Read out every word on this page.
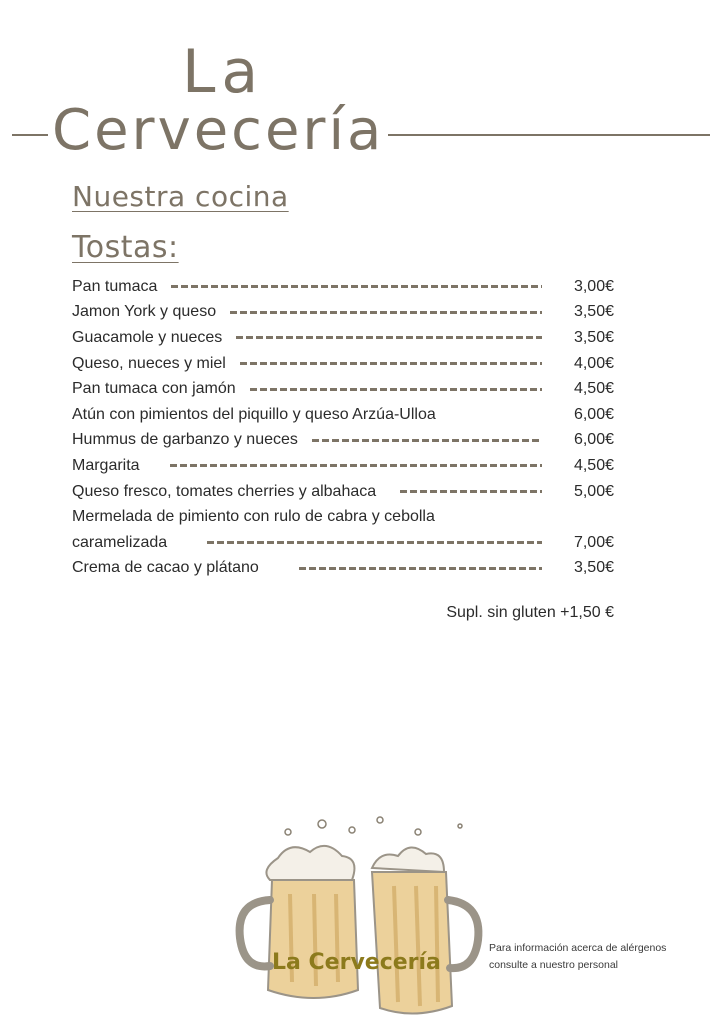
La
Cervecería
Nuestra cocina
Tostas:
Pan tumaca	3,00€
Jamon York y queso	3,50€
Guacamole y nueces	3,50€
Queso, nueces y miel	4,00€
Pan tumaca con jamón	4,50€
Atún con pimientos del piquillo y queso Arzúa-Ulloa	6,00€
Hummus de garbanzo y nueces	6,00€
Margarita	4,50€
Queso fresco, tomates cherries y albahaca	5,00€
Mermelada de pimiento con rulo de cabra y cebolla
caramelizada	7,00€
Crema de cacao y plátano	3,50€
Supl. sin gluten +1,50 €
La Cervecería
Para información acerca de alérgenos
consulte a nuestro personal
